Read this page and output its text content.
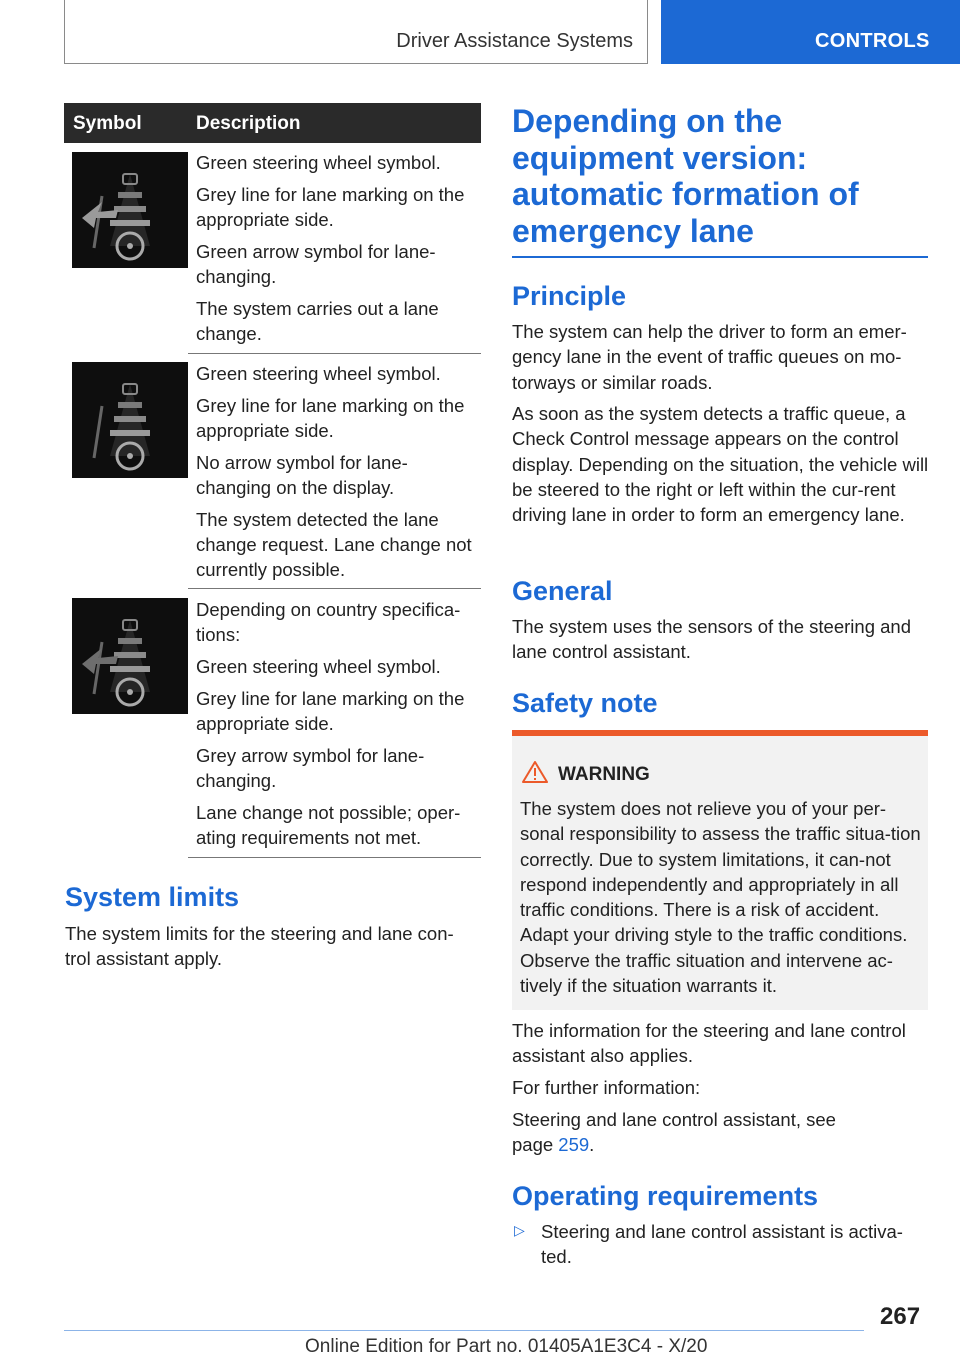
Driver Assistance Systems	CONTROLS
Symbol	Description

Green steering wheel symbol.

Grey line for lane marking on the appropriate side.

Green arrow symbol for lane-changing.

The system carries out a lane change.

Green steering wheel symbol.

Grey line for lane marking on the appropriate side.

No arrow symbol for lane-changing on the display.

The system detected the lane change request. Lane change not currently possible.

Depending on country specifica-tions:

Green steering wheel symbol.

Grey line for lane marking on the appropriate side.

Grey arrow symbol for lane-changing.

Lane change not possible; oper-ating requirements not met.

System limits

The system limits for the steering and lane con-trol assistant apply.

Depending on the equipment version: automatic formation of emergency lane
Principle

The system can help the driver to form an emer-gency lane in the event of traffic queues on mo-torways or similar roads.

As soon as the system detects a traffic queue, a Check Control message appears on the control display. Depending on the situation, the vehicle will be steered to the right or left within the cur-rent driving lane in order to form an emergency lane.

General

The system uses the sensors of the steering and lane control assistant.

Safety note
WARNING

The system does not relieve you of your per-sonal responsibility to assess the traffic situa-tion correctly. Due to system limitations, it can-not respond independently and appropriately in all traffic conditions. There is a risk of accident. Adapt your driving style to the traffic conditions. Observe the traffic situation and intervene ac-tively if the situation warrants it.

The information for the steering and lane control assistant also applies.

For further information:

Steering and lane control assistant, see page 259.

Operating requirements
▷ Steering and lane control assistant is activa-ted.

267
Online Edition for Part no. 01405A1E3C4 - X/20
